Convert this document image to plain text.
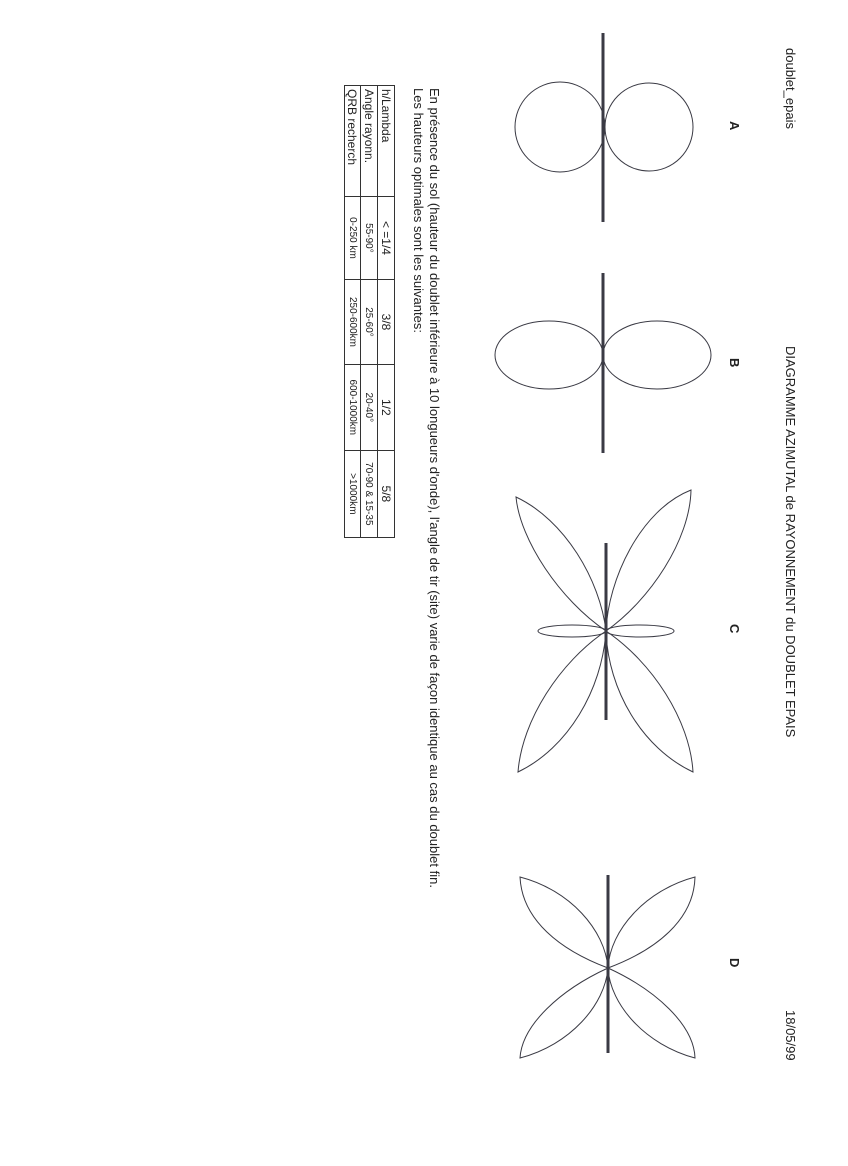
doublet_epais
DIAGRAMME AZIMUTAL de RAYONNEMENT du DOUBLET EPAIS
18/05/99
A
B
C
D
En présence du sol (hauteur du doublet inférieure à 10 longueurs d'onde), l'angle de tir (site) varie de façon identique au cas du doublet fin.
Les hauteurs optimales sont les suivantes:
h/Lambda	< =1/4	3/8	1/2	5/8
Angle rayonn.	55-90°	25-60°	20-40°	70-90 & 15-35
QRB recherch	0-250 km	250-600km	600-1000km	>1000km
